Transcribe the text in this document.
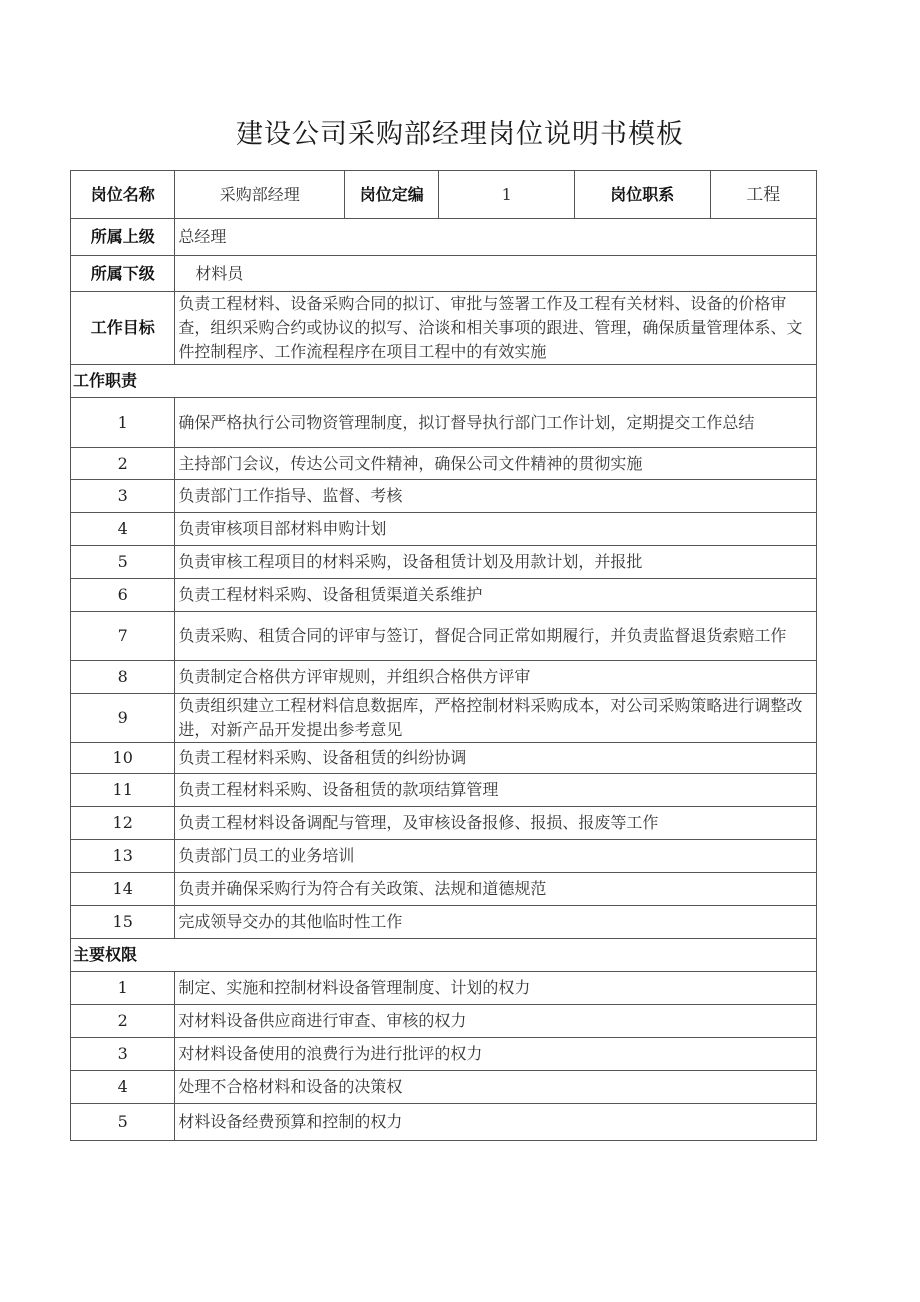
建设公司采购部经理岗位说明书模板
岗位名称	采购部经理	岗位定编	1	岗位职系	工程
所属上级	总经理				
所属下级	材料员				
工作目标	负责工程材料、设备采购合同的拟订、审批与签署工作及工程有关材料、设备的价格审查，组织采购合约或协议的拟写、洽谈和相关事项的跟进、管理，确保质量管理体系、文件控制程序、工作流程程序在项目工程中的有效实施				
工作职责					
1	确保严格执行公司物资管理制度，拟订督导执行部门工作计划，定期提交工作总结				
2	主持部门会议，传达公司文件精神，确保公司文件精神的贯彻实施				
3	负责部门工作指导、监督、考核				
4	负责审核项目部材料申购计划				
5	负责审核工程项目的材料采购，设备租赁计划及用款计划，并报批				
6	负责工程材料采购、设备租赁渠道关系维护				
7	负责采购、租赁合同的评审与签订，督促合同正常如期履行，并负责监督退货索赔工作				
8	负责制定合格供方评审规则，并组织合格供方评审				
9	负责组织建立工程材料信息数据库，严格控制材料采购成本，对公司采购策略进行调整改进，对新产品开发提出参考意见				
10	负责工程材料采购、设备租赁的纠纷协调				
11	负责工程材料采购、设备租赁的款项结算管理				
12	负责工程材料设备调配与管理，及审核设备报修、报损、报废等工作				
13	负责部门员工的业务培训				
14	负责并确保采购行为符合有关政策、法规和道德规范				
15	完成领导交办的其他临时性工作				
主要权限					
1	制定、实施和控制材料设备管理制度、计划的权力				
2	对材料设备供应商进行审查、审核的权力				
3	对材料设备使用的浪费行为进行批评的权力				
4	处理不合格材料和设备的决策权				
5	材料设备经费预算和控制的权力				
